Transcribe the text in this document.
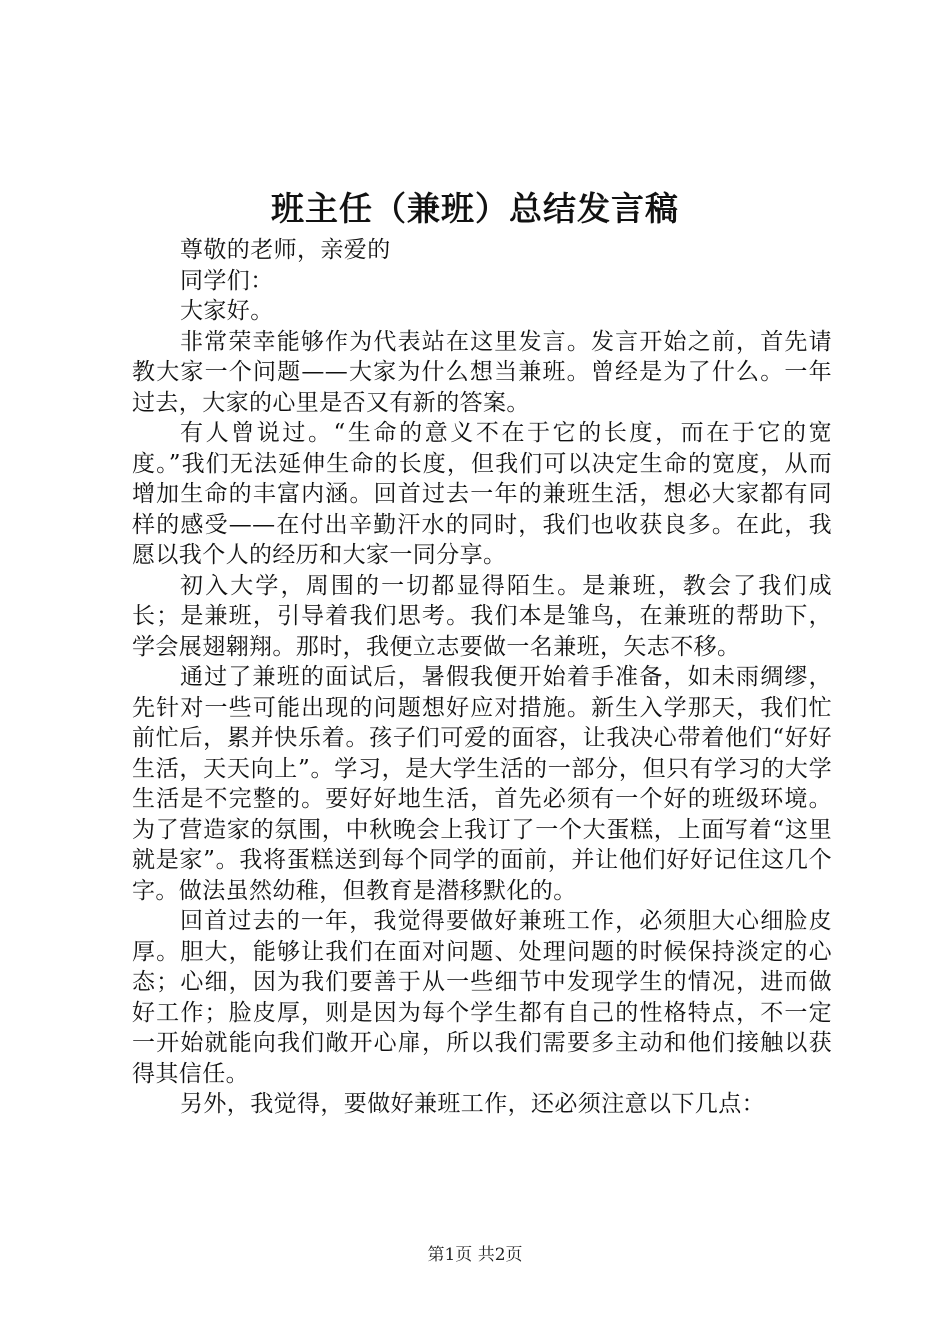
班主任（兼班）总结发言稿

尊敬的老师，亲爱的

同学们：

大家好。

非常荣幸能够作为代表站在这里发言。发言开始之前，首先请教大家一个问题——大家为什么想当兼班。曾经是为了什么。一年过去，大家的心里是否又有新的答案。

有人曾说过。“生命的意义不在于它的长度，而在于它的宽度。”我们无法延伸生命的长度，但我们可以决定生命的宽度，从而增加生命的丰富内涵。回首过去一年的兼班生活，想必大家都有同样的感受——在付出辛勤汗水的同时，我们也收获良多。在此，我愿以我个人的经历和大家一同分享。

初入大学，周围的一切都显得陌生。是兼班，教会了我们成长；是兼班，引导着我们思考。我们本是雏鸟，在兼班的帮助下，学会展翅翱翔。那时，我便立志要做一名兼班，矢志不移。

通过了兼班的面试后，暑假我便开始着手准备，如未雨绸缪，先针对一些可能出现的问题想好应对措施。新生入学那天，我们忙前忙后，累并快乐着。孩子们可爱的面容，让我决心带着他们“好好生活，天天向上”。学习，是大学生活的一部分，但只有学习的大学生活是不完整的。要好好地生活，首先必须有一个好的班级环境。为了营造家的氛围，中秋晚会上我订了一个大蛋糕，上面写着“这里就是家”。我将蛋糕送到每个同学的面前，并让他们好好记住这几个字。做法虽然幼稚，但教育是潜移默化的。

回首过去的一年，我觉得要做好兼班工作，必须胆大心细脸皮厚。胆大，能够让我们在面对问题、处理问题的时候保持淡定的心态；心细，因为我们要善于从一些细节中发现学生的情况，进而做好工作；脸皮厚，则是因为每个学生都有自己的性格特点，不一定一开始就能向我们敞开心扉，所以我们需要多主动和他们接触以获得其信任。

另外，我觉得，要做好兼班工作，还必须注意以下几点：

第1页 共2页
